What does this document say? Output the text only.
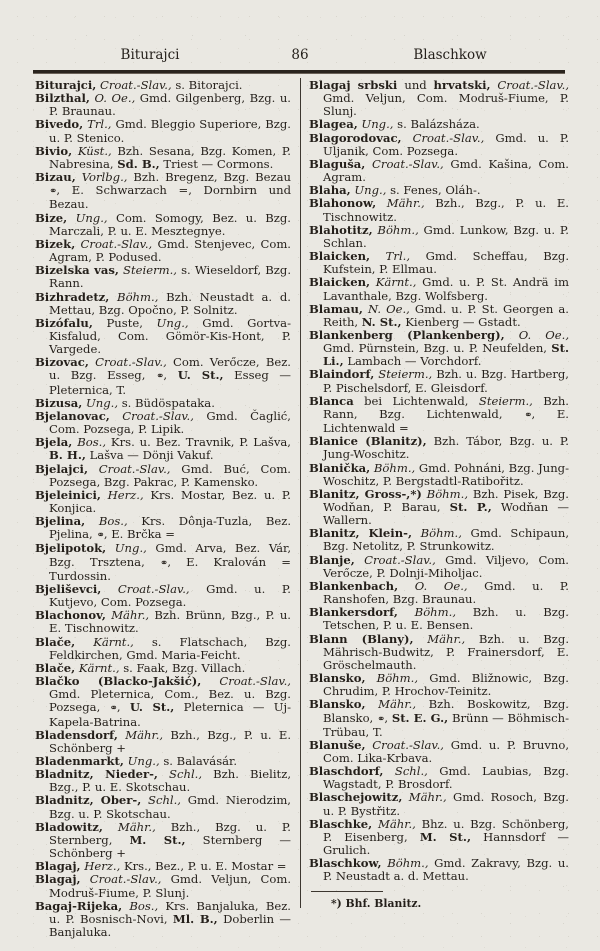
Biturajci	86	Blaschkow

Biturajci, Croat.-Slav., s. Bitorajci.

Bilzthal, O. Oe., Gmd. Gilgenberg, Bzg. u. P. Braunau.

Bivedo, Trl., Gmd. Bleggio Superiore, Bzg. u. P. Stenico.

Bivio, Küst., Bzh. Sesana, Bzg. Komen, P. Nabresina, Sd. B., Triest — Cormons.

Bizau, Vorlbg., Bzh. Bregenz, Bzg. Bezau ⚭, E. Schwarzach =, Dornbirn und Bezau.

Bize, Ung., Com. Somogy, Bez. u. Bzg. Marczali, P. u. E. Mesztegnye.

Bizek, Croat.-Slav., Gmd. Stenjevec, Com. Agram, P. Podused.

Bizelska vas, Steierm., s. Wieseldorf, Bzg. Rann.

Bizhradetz, Böhm., Bzh. Neustadt a. d. Mettau, Bzg. Opočno, P. Solnitz.

Bizófalu, Puste, Ung., Gmd. Gortva-Kisfalud, Com. Gömör-Kis-Hont, P. Vargede.

Bizovac, Croat.-Slav., Com. Verőcze, Bez. u. Bzg. Esseg, ⚭, U. St., Esseg — Pleternica, T.

Bizusa, Ung., s. Büdöspataka.

Bjelanovac, Croat.-Slav., Gmd. Čaglić, Com. Pozsega, P. Lipik.

Bjela, Bos., Krs. u. Bez. Travnik, P. Lašva, B. H., Lašva — Dönji Vakuf.

Bjelajci, Croat.-Slav., Gmd. Buć, Com. Pozsega, Bzg. Pakrac, P. Kamensko.

Bjeleinici, Herz., Krs. Mostar, Bez. u. P. Konjica.

Bjelina, Bos., Krs. Dônja-Tuzla, Bez. Pjelina, ⚭, E. Brčka =

Bjelipotok, Ung., Gmd. Arva, Bez. Vár, Bzg. Trsztena, ⚭, E. Kralován = Turdossin.

Bjeliševci, Croat.-Slav., Gmd. u. P. Kutjevo, Com. Pozsega.

Blachonov, Mähr., Bzh. Brünn, Bzg., P. u. E. Tischnowitz.

Blače, Kärnt., s. Flatschach, Bzg. Feldkirchen, Gmd. Maria-Feicht.

Blače, Kärnt., s. Faak, Bzg. Villach.

Blačko (Blacko-Jakšić), Croat.-Slav., Gmd. Pleternica, Com., Bez. u. Bzg. Pozsega, ⚭, U. St., Pleternica — Uj-Kapela-Batrina.

Bladensdorf, Mähr., Bzh., Bzg., P. u. E. Schönberg +

Bladenmarkt, Ung., s. Balavásár.

Bladnitz, Nieder-, Schl., Bzh. Bielitz, Bzg., P. u. E. Skotschau.

Bladnitz, Ober-, Schl., Gmd. Nierodzim, Bzg. u. P. Skotschau.

Bladowitz, Mähr., Bzh., Bzg. u. P. Sternberg, M. St., Sternberg — Schönberg +

Blagaj, Herz., Krs., Bez., P. u. E. Mostar =

Blagaj, Croat.-Slav., Gmd. Veljun, Com. Modruš-Fiume, P. Slunj.

Bagaj-Rijeka, Bos., Krs. Banjaluka, Bez. u. P. Bosnisch-Novi, Ml. B., Doberlin — Banjaluka.

Blagaj srbski und hrvatski, Croat.-Slav., Gmd. Veljun, Com. Modruš-Fiume, P. Slunj.

Blagea, Ung., s. Balázsháza.

Blagorodovac, Croat.-Slav., Gmd. u. P. Uljanik, Com. Pozsega.

Blaguša, Croat.-Slav., Gmd. Kašina, Com. Agram.

Blaha, Ung., s. Fenes, Oláh-.

Blahonow, Mähr., Bzh., Bzg., P. u. E. Tischnowitz.

Blahotitz, Böhm., Gmd. Lunkow, Bzg. u. P. Schlan.

Blaicken, Trl., Gmd. Scheffau, Bzg. Kufstein, P. Ellmau.

Blaicken, Kärnt., Gmd. u. P. St. Andrä im Lavanthale, Bzg. Wolfsberg.

Blamau, N. Oe., Gmd. u. P. St. Georgen a. Reith, N. St., Kienberg — Gstadt.

Blankenberg (Plankenberg), O. Oe., Gmd. Pürnstein, Bzg. u. P. Neufelden, St. Li., Lambach — Vorchdorf.

Blaindorf, Steierm., Bzh. u. Bzg. Hartberg, P. Pischelsdorf, E. Gleisdorf.

Blanca bei Lichtenwald, Steierm., Bzh. Rann, Bzg. Lichtenwald, ⚭, E. Lichtenwald =

Blanice (Blanitz), Bzh. Tábor, Bzg. u. P. Jung-Woschitz.

Blanička, Böhm., Gmd. Pohnáni, Bzg. Jung-Woschitz, P. Bergstadtl-Ratibořitz.

Blanitz, Gross-,*) Böhm., Bzh. Pisek, Bzg. Wodňan, P. Barau, St. P., Wodňan — Wallern.

Blanitz, Klein-, Böhm., Gmd. Schipaun, Bzg. Netolitz, P. Strunkowitz.

Blanje, Croat.-Slav., Gmd. Viljevo, Com. Verőcze, P. Dolnji-Miholjac.

Blankenbach, O. Oe., Gmd. u. P. Ranshofen, Bzg. Braunau.

Blankersdorf, Böhm., Bzh. u. Bzg. Tetschen, P. u. E. Bensen.

Blann (Blany), Mähr., Bzh. u. Bzg. Mährisch-Budwitz, P. Frainersdorf, E. Gröschelmauth.

Blansko, Böhm., Gmd. Bližnowic, Bzg. Chrudim, P. Hrochov-Teinitz.

Blansko, Mähr., Bzh. Boskowitz, Bzg. Blansko, ⚭, St. E. G., Brünn — Böhmisch-Trübau, T.

Blanuše, Croat.-Slav., Gmd. u. P. Bruvno, Com. Lika-Krbava.

Blaschdorf, Schl., Gmd. Laubias, Bzg. Wagstadt, P. Brosdorf.

Blaschejowitz, Mähr., Gmd. Rosoch, Bzg. u. P. Bystřitz.

Blaschke, Mähr., Bhz. u. Bzg. Schönberg, P. Eisenberg, M. St., Hannsdorf — Grulich.

Blaschkow, Böhm., Gmd. Zakravy, Bzg. u. P. Neustadt a. d. Mettau.

*) Bhf. Blanitz.
